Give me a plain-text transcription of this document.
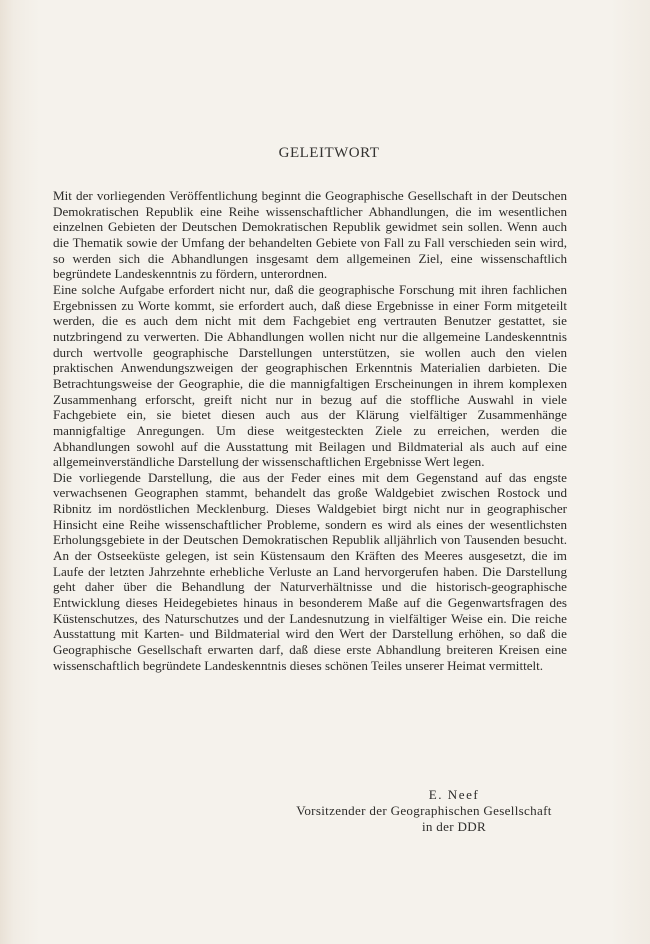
GELEITWORT

Mit der vorliegenden Veröffentlichung beginnt die Geographische Gesellschaft in der Deutschen Demokratischen Republik eine Reihe wissenschaftlicher Abhandlungen, die im wesentlichen einzelnen Gebieten der Deutschen Demokratischen Republik gewidmet sein sollen. Wenn auch die Thematik sowie der Umfang der behandelten Gebiete von Fall zu Fall verschieden sein wird, so werden sich die Abhandlungen insgesamt dem allgemeinen Ziel, eine wissenschaftlich begründete Landeskenntnis zu fördern, unterordnen.

Eine solche Aufgabe erfordert nicht nur, daß die geographische Forschung mit ihren fachlichen Ergebnissen zu Worte kommt, sie erfordert auch, daß diese Ergebnisse in einer Form mitgeteilt werden, die es auch dem nicht mit dem Fachgebiet eng vertrauten Benutzer gestattet, sie nutzbringend zu verwerten. Die Abhandlungen wollen nicht nur die allgemeine Landeskenntnis durch wertvolle geographische Darstellungen unterstützen, sie wollen auch den vielen praktischen Anwendungszweigen der geographischen Erkenntnis Materialien darbieten. Die Betrachtungsweise der Geographie, die die mannigfaltigen Erscheinungen in ihrem komplexen Zusammenhang erforscht, greift nicht nur in bezug auf die stoffliche Auswahl in viele Fachgebiete ein, sie bietet diesen auch aus der Klärung vielfältiger Zusammenhänge mannigfaltige Anregungen. Um diese weitgesteckten Ziele zu erreichen, werden die Abhandlungen sowohl auf die Ausstattung mit Beilagen und Bildmaterial als auch auf eine allgemeinverständliche Darstellung der wissenschaftlichen Ergebnisse Wert legen.

Die vorliegende Darstellung, die aus der Feder eines mit dem Gegenstand auf das engste verwachsenen Geographen stammt, behandelt das große Waldgebiet zwischen Rostock und Ribnitz im nordöstlichen Mecklenburg. Dieses Waldgebiet birgt nicht nur in geographischer Hinsicht eine Reihe wissenschaftlicher Probleme, sondern es wird als eines der wesentlichsten Erholungsgebiete in der Deutschen Demokratischen Republik alljährlich von Tausenden besucht. An der Ostseeküste gelegen, ist sein Küstensaum den Kräften des Meeres ausgesetzt, die im Laufe der letzten Jahrzehnte erhebliche Verluste an Land hervorgerufen haben. Die Darstellung geht daher über die Behandlung der Naturverhältnisse und die historisch-geographische Entwicklung dieses Heidegebietes hinaus in besonderem Maße auf die Gegenwartsfragen des Küstenschutzes, des Naturschutzes und der Landesnutzung in vielfältiger Weise ein. Die reiche Ausstattung mit Karten- und Bildmaterial wird den Wert der Darstellung erhöhen, so daß die Geographische Gesellschaft erwarten darf, daß diese erste Abhandlung breiteren Kreisen eine wissenschaftlich begründete Landeskenntnis dieses schönen Teiles unserer Heimat vermittelt.

E. Neef
Vorsitzender der Geographischen Gesellschaft
in der DDR
